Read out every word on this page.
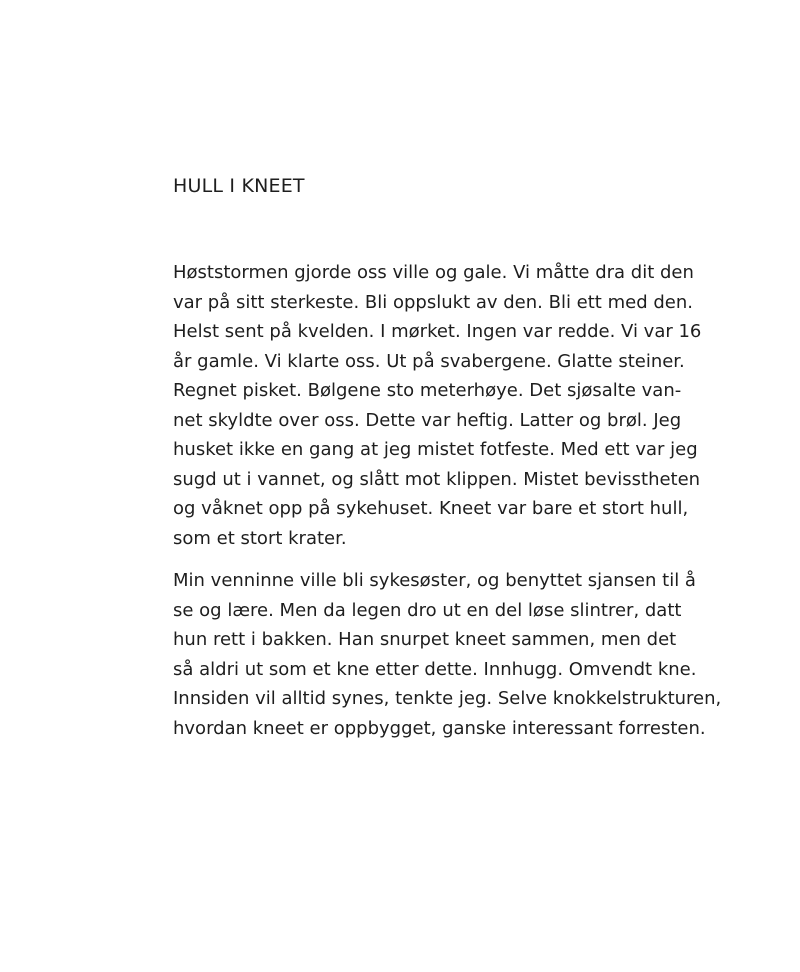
HULL I KNEET

Høststormen gjorde oss ville og gale. Vi måtte dra dit den
var på sitt sterkeste. Bli oppslukt av den. Bli ett med den.
Helst sent på kvelden. I mørket. Ingen var redde. Vi var 16
år gamle. Vi klarte oss. Ut på svabergene. Glatte steiner.
Regnet pisket. Bølgene sto meterhøye. Det sjøsalte van-
net skyldte over oss. Dette var heftig. Latter og brøl. Jeg
husket ikke en gang at jeg mistet fotfeste. Med ett var jeg
sugd ut i vannet, og slått mot klippen. Mistet bevisstheten
og våknet opp på sykehuset. Kneet var bare et stort hull,
som et stort krater.

Min venninne ville bli sykesøster, og benyttet sjansen til å
se og lære. Men da legen dro ut en del løse slintrer, datt
hun rett i bakken. Han snurpet kneet sammen, men det
så aldri ut som et kne etter dette. Innhugg. Omvendt kne.
Innsiden vil alltid synes, tenkte jeg. Selve knokkelstrukturen,
hvordan kneet er oppbygget, ganske interessant forresten.
